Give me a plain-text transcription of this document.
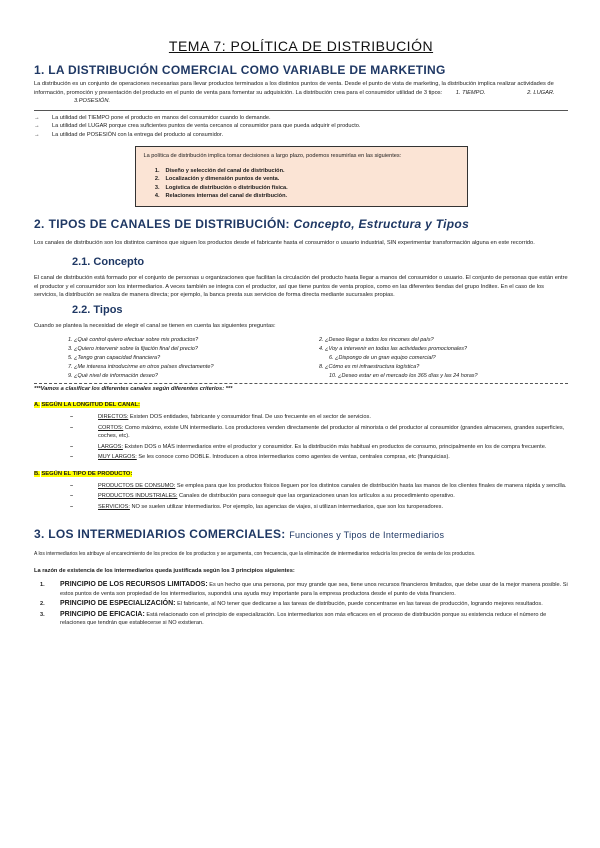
TEMA 7: POLÍTICA DE DISTRIBUCIÓN
1. LA DISTRIBUCIÓN COMERCIAL COMO VARIABLE DE MARKETING
La distribución es un conjunto de operaciones necesarias para llevar productos terminados a los distintos puntos de venta. Desde el punto de vista de marketing, la distribución implica realizar actividades de información, promoción y presentación del producto en el punto de venta para fomentar su adquisición. La distribución crea para el consumidor utilidad de 3 tipos: 1. TIEMPO.	2. LUGAR. 3.POSESIÓN.
→	La utilidad del TIEMPO pone el producto en manos del consumidor cuando lo demande.
→	La utilidad del LUGAR porque crea suficientes puntos de venta cercanos al consumidor para que pueda adquirir el producto.
→	La utilidad de POSESIÓN con la entrega del producto al consumidor.
La política de distribución implica tomar decisiones a largo plazo, podemos resumirlas en las siguientes:
1. Diseño y selección del canal de distribución.
2. Localización y dimensión puntos de venta.
3. Logística de distribución o distribución física.
4. Relaciones internas del canal de distribución.
2. TIPOS DE CANALES DE DISTRIBUCIÓN: Concepto, Estructura y Tipos
Los canales de distribución son los distintos caminos que siguen los productos desde el fabricante hasta el consumidor o usuario industrial, SIN experimentar transformación alguna en este recorrido.
2.1. Concepto
El canal de distribución está formado por el conjunto de personas u organizaciones que facilitan la circulación del producto hasta llegar a manos del consumidor o usuario. El conjunto de personas que están entre el productor y el consumidor son los intermediarios. A veces también se integra con el productor, así que tiene puntos de venta propios, como en las diferentes tiendas del grupo Inditex. En el caso de los servicios, la distribución se realiza de manera directa; por ejemplo, la banca presta sus servicios de forma directa mediante sucursales propias.
2.2. Tipos
Cuando se plantea la necesidad de elegir el canal se tienen en cuenta las siguientes preguntas:
1. ¿Qué control quiero efectuar sobre mis productos?	2. ¿Deseo llegar a todos los rincones del país?
3. ¿Quiero intervenir sobre la fijación final del precio?	4. ¿Voy a intervenir en todas las actividades promocionales?
5. ¿Tengo gran capacidad financiera?	6. ¿Dispongo de un gran equipo comercial?
7. ¿Me interesa introducirme en otros países directamente?	8. ¿Cómo es mi infraestructura logística?
9. ¿Qué nivel de información deseo?	10. ¿Deseo estar en el mercado los 365 días y las 24 horas?
***Vamos a clasificar los diferentes canales según diferentes criterios: ***
A. SEGÚN LA LONGITUD DEL CANAL:
–	DIRECTOS: Existen DOS entidades, fabricante y consumidor final. De uso frecuente en el sector de servicios.
–	CORTOS: Como máximo, existe UN intermediario. Los productores venden directamente del productor al minorista o del productor al consumidor (grandes almacenes, grandes superficies, coches, etc).
–	LARGOS: Existen DOS o MÁS intermediarios entre el productor y consumidor. Es la distribución más habitual en productos de consumo, principalmente en los de compra frecuente.
–	MUY LARGOS: Se les conoce como DOBLE. Introducen a otros intermediarios como agentes de ventas, centrales compras, etc (franquicias).
B. SEGÚN EL TIPO DE PRODUCTO:
–	PRODUCTOS DE CONSUMO: Se emplea para que los productos físicos lleguen por los distintos canales de distribución hasta las manos de los clientes finales de manera rápida y sencilla.
–	PRODUCTOS INDUSTRIALES: Canales de distribución para conseguir que las organizaciones unan los artículos a su procedimiento operativo.
–	SERVICIOS: NO se suelen utilizar intermediarios. Por ejemplo, las agencias de viajes, si utilizan intermediarios, que son los turoperadores.
3. LOS INTERMEDIARIOS COMERCIALES: Funciones y Tipos de Intermediarios
A los intermediarios les atribuye al encarecimiento de los precios de los productos y se argumenta, con frecuencia, que la eliminación de intermediarios reduciría los precios de venta de los productos.
La razón de existencia de los intermediarios queda justificada según los 3 principios siguientes:
1.	PRINCIPIO DE LOS RECURSOS LIMITADOS: Es un hecho que una persona, por muy grande que sea, tiene unos recursos financieros limitados, que debe usar de la mejor manera posible. Si estos puntos de venta son propiedad de los intermediarios, supondrá una ayuda muy importante para la empresa productora desde el punto de vista financiero.
2.	PRINCIPIO DE ESPECIALIZACIÓN: El fabricante, al NO tener que dedicarse a las tareas de distribución, puede concentrarse en las tareas de producción, logrando mejores resultados.
3.	PRINCIPIO DE EFICACIA: Está relacionado con el principio de especialización. Los intermediarios son más eficaces en el proceso de distribución porque su existencia reduce el número de relaciones que tendrán que establecerse si NO existieran.
